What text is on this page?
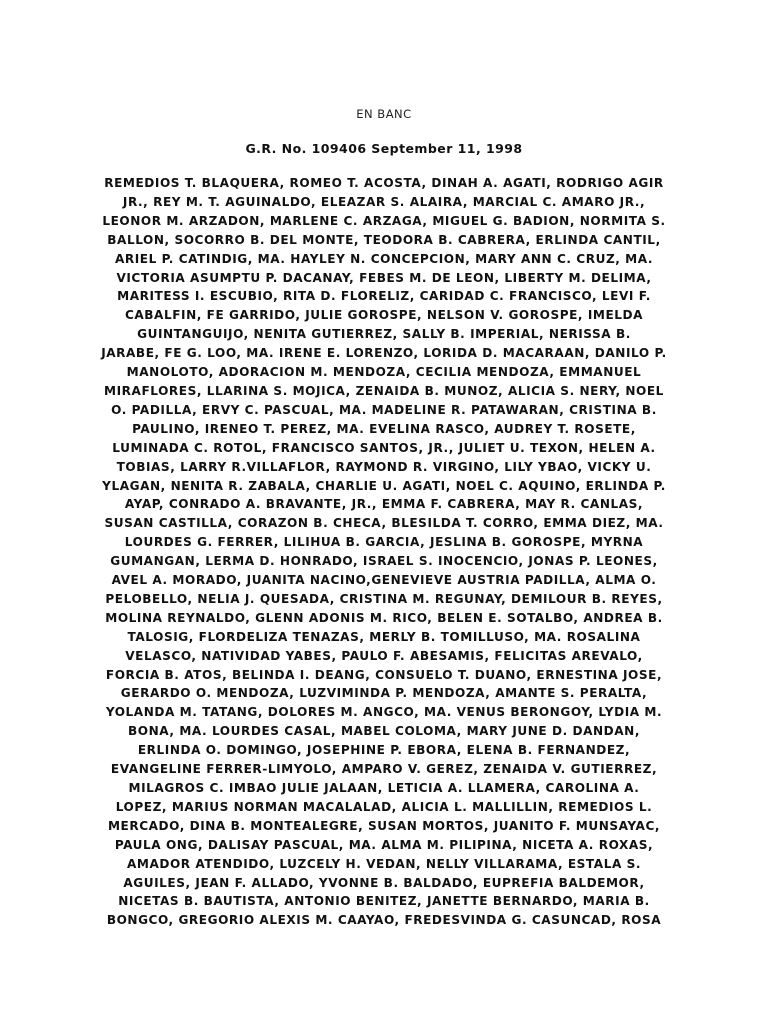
EN BANC
G.R. No. 109406 September 11, 1998
REMEDIOS T. BLAQUERA, ROMEO T. ACOSTA, DINAH A. AGATI, RODRIGO AGIR
JR., REY M. T. AGUINALDO, ELEAZAR S. ALAIRA, MARCIAL C. AMARO JR.,
LEONOR M. ARZADON, MARLENE C. ARZAGA, MIGUEL G. BADION, NORMITA S.
BALLON, SOCORRO B. DEL MONTE, TEODORA B. CABRERA, ERLINDA CANTIL,
ARIEL P. CATINDIG, MA. HAYLEY N. CONCEPCION, MARY ANN C. CRUZ, MA.
VICTORIA ASUMPTU P. DACANAY, FEBES M. DE LEON, LIBERTY M. DELIMA,
MARITESS I. ESCUBIO, RITA D. FLORELIZ, CARIDAD C. FRANCISCO, LEVI F.
CABALFIN, FE GARRIDO, JULIE GOROSPE, NELSON V. GOROSPE, IMELDA
GUINTANGUIJO, NENITA GUTIERREZ, SALLY B. IMPERIAL, NERISSA B.
JARABE, FE G. LOO, MA. IRENE E. LORENZO, LORIDA D. MACARAAN, DANILO P.
MANOLOTO, ADORACION M. MENDOZA, CECILIA MENDOZA, EMMANUEL
MIRAFLORES, LLARINA S. MOJICA, ZENAIDA B. MUNOZ, ALICIA S. NERY, NOEL
O. PADILLA, ERVY C. PASCUAL, MA. MADELINE R. PATAWARAN, CRISTINA B.
PAULINO, IRENEO T. PEREZ, MA. EVELINA RASCO, AUDREY T. ROSETE,
LUMINADA C. ROTOL, FRANCISCO SANTOS, JR., JULIET U. TEXON, HELEN A.
TOBIAS, LARRY R.VILLAFLOR, RAYMOND R. VIRGINO, LILY YBAO, VICKY U.
YLAGAN, NENITA R. ZABALA, CHARLIE U. AGATI, NOEL C. AQUINO, ERLINDA P.
AYAP, CONRADO A. BRAVANTE, JR., EMMA F. CABRERA, MAY R. CANLAS,
SUSAN CASTILLA, CORAZON B. CHECA, BLESILDA T. CORRO, EMMA DIEZ, MA.
LOURDES G. FERRER, LILIHUA B. GARCIA, JESLINA B. GOROSPE, MYRNA
GUMANGAN, LERMA D. HONRADO, ISRAEL S. INOCENCIO, JONAS P. LEONES,
AVEL A. MORADO, JUANITA NACINO,GENEVIEVE AUSTRIA PADILLA, ALMA O.
PELOBELLO, NELIA J. QUESADA, CRISTINA M. REGUNAY, DEMILOUR B. REYES,
MOLINA REYNALDO, GLENN ADONIS M. RICO, BELEN E. SOTALBO, ANDREA B.
TALOSIG, FLORDELIZA TENAZAS, MERLY B. TOMILLUSO, MA. ROSALINA
VELASCO, NATIVIDAD YABES, PAULO F. ABESAMIS, FELICITAS AREVALO,
FORCIA B. ATOS, BELINDA I. DEANG, CONSUELO T. DUANO, ERNESTINA JOSE,
GERARDO O. MENDOZA, LUZVIMINDA P. MENDOZA, AMANTE S. PERALTA,
YOLANDA M. TATANG, DOLORES M. ANGCO, MA. VENUS BERONGOY, LYDIA M.
BONA, MA. LOURDES CASAL, MABEL COLOMA, MARY JUNE D. DANDAN,
ERLINDA O. DOMINGO, JOSEPHINE P. EBORA, ELENA B. FERNANDEZ,
EVANGELINE FERRER-LIMYOLO, AMPARO V. GEREZ, ZENAIDA V. GUTIERREZ,
MILAGROS C. IMBAO JULIE JALAAN, LETICIA A. LLAMERA, CAROLINA A.
LOPEZ, MARIUS NORMAN MACALALAD, ALICIA L. MALLILLIN, REMEDIOS L.
MERCADO, DINA B. MONTEALEGRE, SUSAN MORTOS, JUANITO F. MUNSAYAC,
PAULA ONG, DALISAY PASCUAL, MA. ALMA M. PILIPINA, NICETA A. ROXAS,
AMADOR ATENDIDO, LUZCELY H. VEDAN, NELLY VILLARAMA, ESTALA S.
AGUILES, JEAN F. ALLADO, YVONNE B. BALDADO, EUPREFIA BALDEMOR,
NICETAS B. BAUTISTA, ANTONIO BENITEZ, JANETTE BERNARDO, MARIA B.
BONGCO, GREGORIO ALEXIS M. CAAYAO, FREDESVINDA G. CASUNCAD, ROSA
